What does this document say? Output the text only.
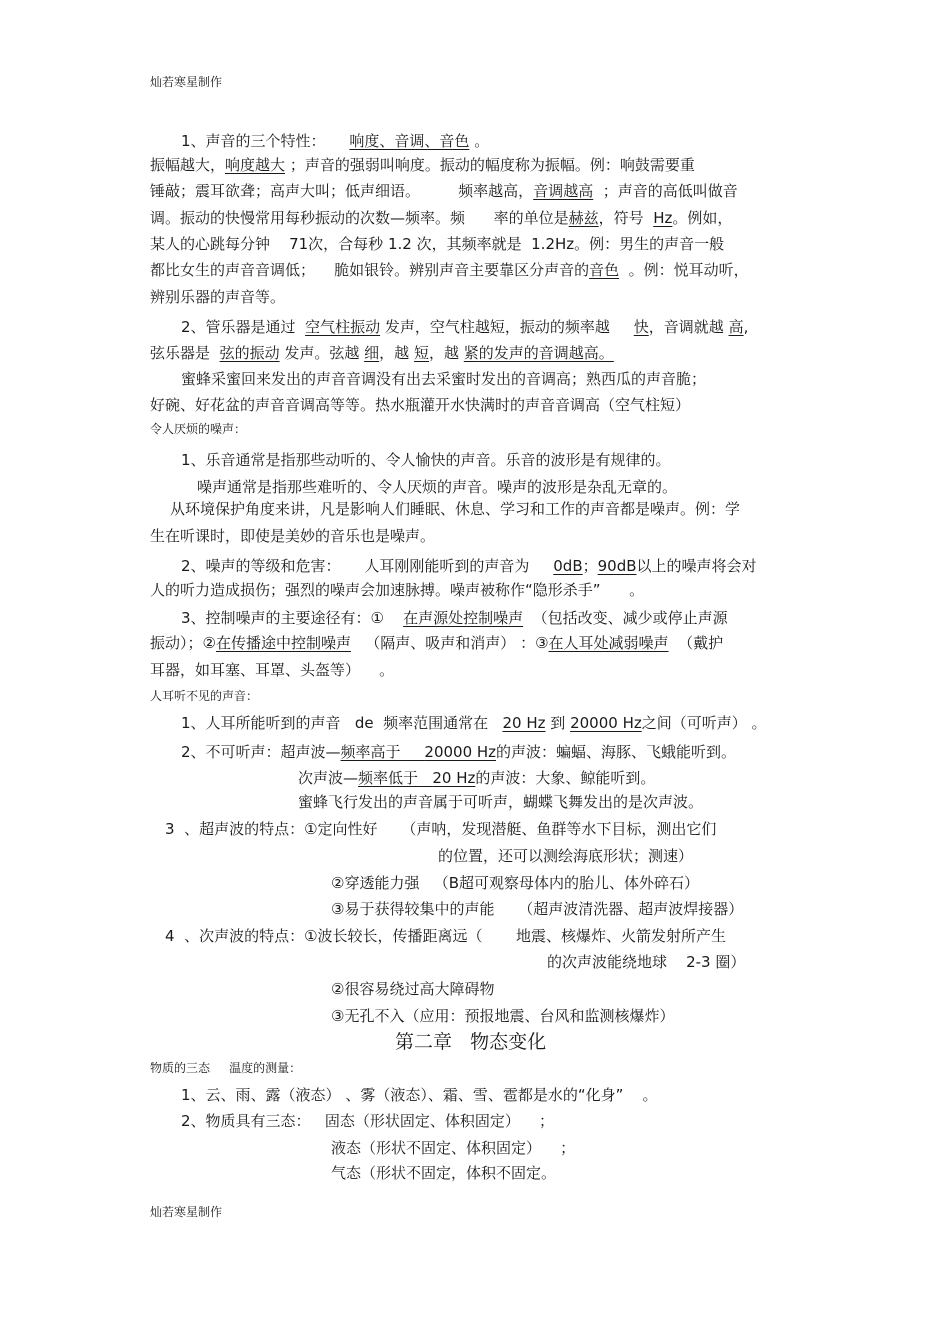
灿若寒星制作
1、声音的三个特性： 响度、音调、音色 。
振幅越大，响度越大 ；声音的强弱叫响度。振动的幅度称为振幅。例：响鼓需要重
锤敲；震耳欲聋；高声大叫；低声细语。	频率越高，音调越高 ；声音的高低叫做音
调。振动的快慢常用每秒振动的次数—频率。频 率的单位是赫兹，符号 Hz。例如，
某人的心跳每分钟 71次，合每秒 1.2 次，其频率就是 1.2Hz。例：男生的声音一般
都比女生的声音音调低； 脆如银铃。辨别声音主要靠区分声音的音色 。例：悦耳动听，
辨别乐器的声音等。
2、管乐器是通过 空气柱振动 发声，空气柱越短，振动的频率越 快，音调就越 高,
弦乐器是 弦的振动 发声。弦越 细，越 短，越 紧的发声的音调越高。
蜜蜂采蜜回来发出的声音音调没有出去采蜜时发出的音调高；熟西瓜的声音脆；
好碗、好花盆的声音音调高等等。热水瓶灌开水快满时的声音音调高（空气柱短）
令人厌烦的噪声：
1、乐音通常是指那些动听的、令人愉快的声音。乐音的波形是有规律的。
噪声通常是指那些难听的、令人厌烦的声音。噪声的波形是杂乱无章的。
从环境保护角度来讲，凡是影响人们睡眠、休息、学习和工作的声音都是噪声。例：学
生在听课时，即使是美妙的音乐也是噪声。
2、噪声的等级和危害： 人耳刚刚能听到的声音为 0dB；90dB以上的噪声将会对
人的听力造成损伤；强烈的噪声会加速脉搏。噪声被称作“隐形杀手” 。
3、控制噪声的主要途径有：① 在声源处控制噪声 （包括改变、减少或停止声源
振动）；②在传播途中控制噪声 （隔声、吸声和消声） ：③在人耳处减弱噪声 （戴护
耳器，如耳塞、耳罩、头盔等） 。
人耳听不见的声音：
1、人耳所能听到的声音 de 频率范围通常在 20 Hz 到 20000 Hz之间（可听声） 。
2、不可听声：超声波—频率高于 20000 Hz的声波：蝙蝠、海豚、飞蛾能听到。
次声波—频率低于 20 Hz的声波：大象、鲸能听到。
蜜蜂飞行发出的声音属于可听声，蝴蝶飞舞发出的是次声波。
3 、超声波的特点：①定向性好 （声呐，发现潜艇、鱼群等水下目标，测出它们
的位置，还可以测绘海底形状；测速）
②穿透能力强 （B超可观察母体内的胎儿、体外碎石）
③易于获得较集中的声能 （超声波清洗器、超声波焊接器）
4 、次声波的特点：①波长较长，传播距离远（ 地震、核爆炸、火箭发射所产生
的次声波能绕地球 2-3 圈）
②很容易绕过高大障碍物
③无孔不入（应用：预报地震、台风和监测核爆炸）
第二章 物态变化
物质的三态 温度的测量：
1、云、雨、露（液态） 、雾（液态）、霜、雪、雹都是水的“化身” 。
2、物质具有三态： 固态（形状固定、体积固定） ；
液态（形状不固定、体积固定） ；
气态（形状不固定，体积不固定。
灿若寒星制作
